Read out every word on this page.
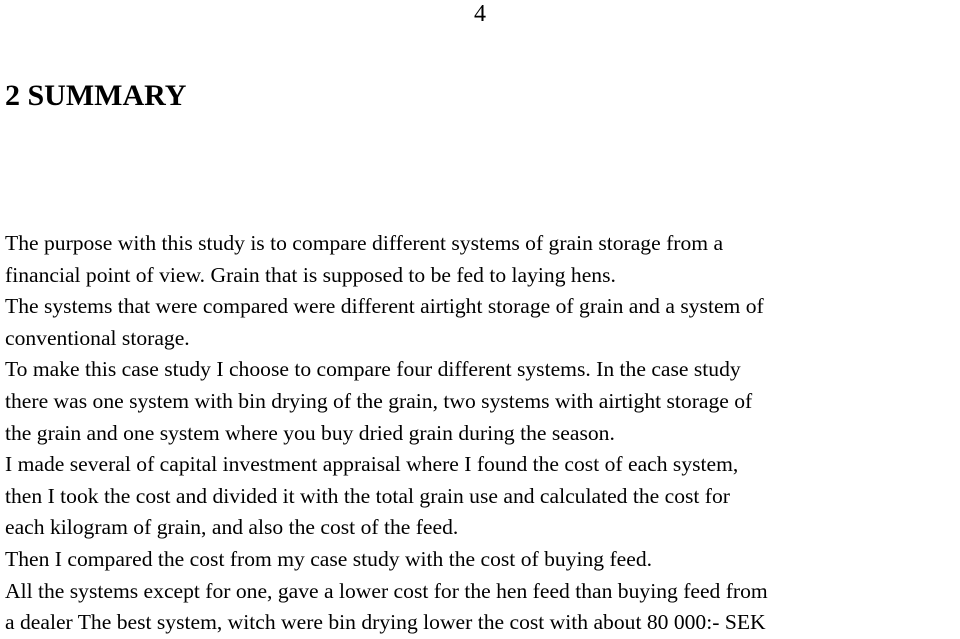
4
2 SUMMARY
The purpose with this study is to compare different systems of grain storage from a
financial point of view. Grain that is supposed to be fed to laying hens.
The systems that were compared were different airtight storage of grain and a system of
conventional storage.
To make this case study I choose to compare four different systems. In the case study
there was one system with bin drying of the grain, two systems with airtight storage of
the grain and one system where you buy dried grain during the season.
I made several of capital investment appraisal where I found the cost of each system,
then I took the cost and divided it with the total grain use and calculated the cost for
each kilogram of grain, and also the cost of the feed.
Then I compared the cost from my case study with the cost of buying feed.
All the systems except for one, gave a lower cost for the hen feed than buying feed from
a dealer The best system, witch were bin drying lower the cost with about 80 000:- SEK
